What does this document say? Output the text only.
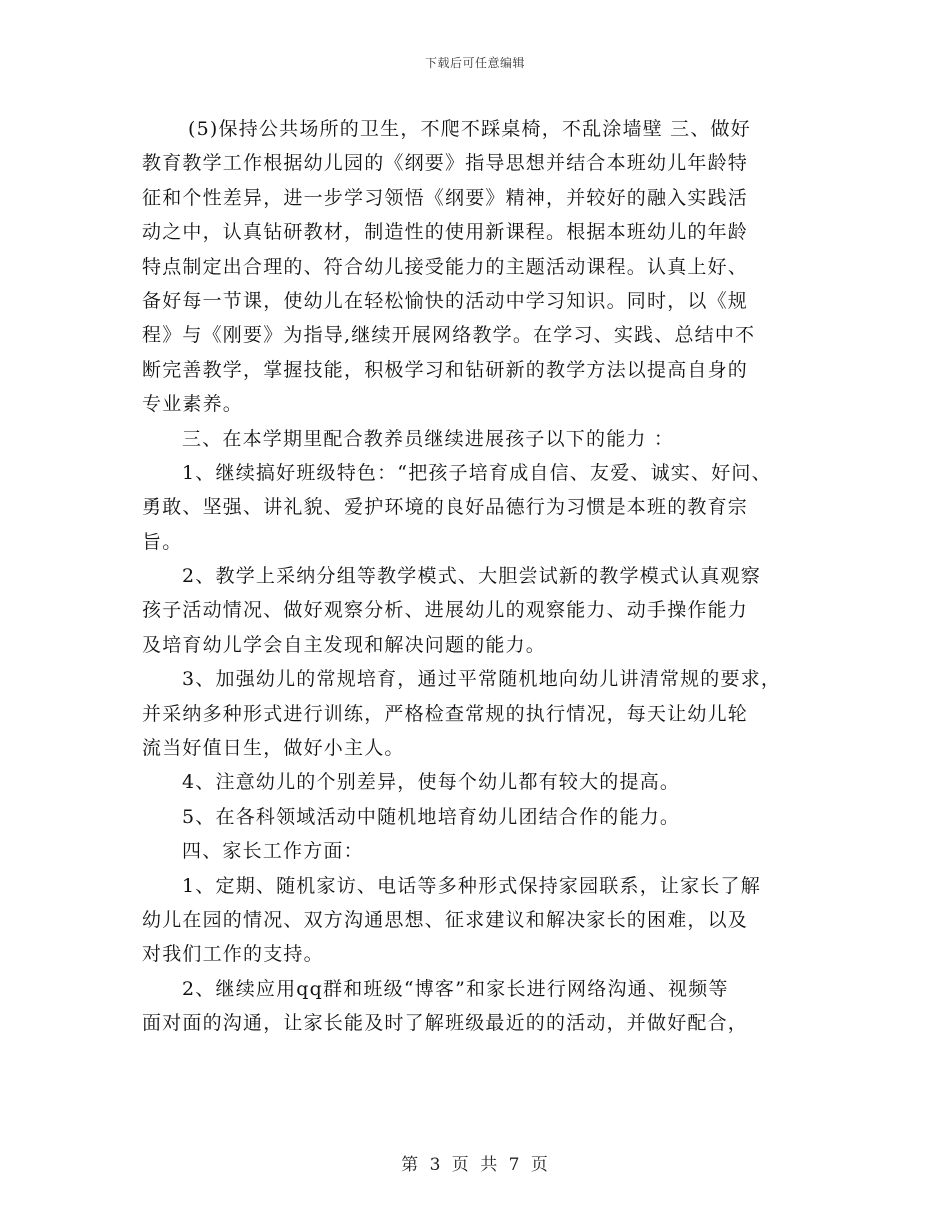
下载后可任意编辑
(5)保持公共场所的卫生，不爬不踩桌椅，不乱涂墙壁 三、做好
教育教学工作根据幼儿园的《纲要》指导思想并结合本班幼儿年龄特
征和个性差异，进一步学习领悟《纲要》精神，并较好的融入实践活
动之中，认真钻研教材，制造性的使用新课程。根据本班幼儿的年龄
特点制定出合理的、符合幼儿接受能力的主题活动课程。认真上好、
备好每一节课，使幼儿在轻松愉快的活动中学习知识。同时，以《规
程》与《刚要》为指导,继续开展网络教学。在学习、实践、总结中不
断完善教学，掌握技能，积极学习和钻研新的教学方法以提高自身的
专业素养。
三、在本学期里配合教养员继续进展孩子以下的能力 ：
1、继续搞好班级特色：“把孩子培育成自信、友爱、诚实、好问、
勇敢、坚强、讲礼貌、爱护环境的良好品德行为习惯是本班的教育宗
旨。
2、教学上采纳分组等教学模式、大胆尝试新的教学模式认真观察
孩子活动情况、做好观察分析、进展幼儿的观察能力、动手操作能力
及培育幼儿学会自主发现和解决问题的能力。
3、加强幼儿的常规培育，通过平常随机地向幼儿讲清常规的要求，
并采纳多种形式进行训练，严格检查常规的执行情况，每天让幼儿轮
流当好值日生，做好小主人。
4、注意幼儿的个别差异，使每个幼儿都有较大的提高。
5、在各科领域活动中随机地培育幼儿团结合作的能力。
四、家长工作方面：
1、定期、随机家访、电话等多种形式保持家园联系，让家长了解
幼儿在园的情况、双方沟通思想、征求建议和解决家长的困难，以及
对我们工作的支持。
2、继续应用qq群和班级“博客”和家长进行网络沟通、视频等
面对面的沟通，让家长能及时了解班级最近的的活动，并做好配合，
第 3 页 共 7 页
